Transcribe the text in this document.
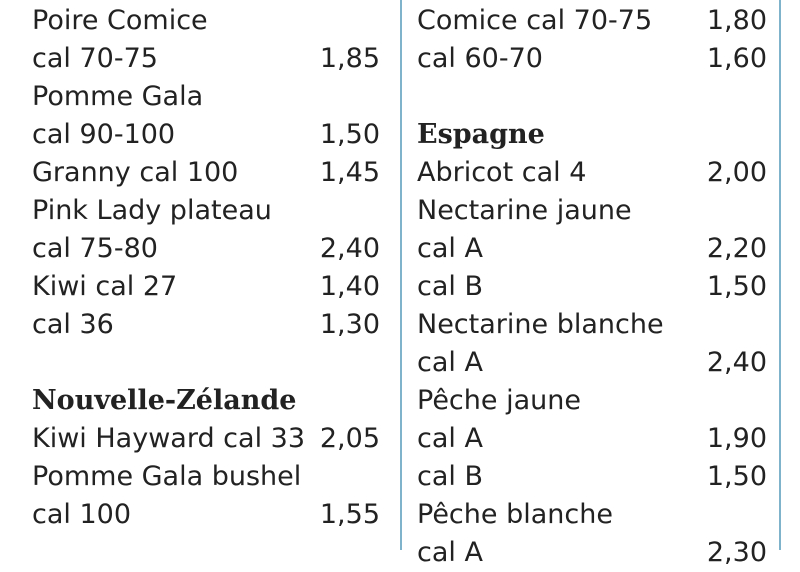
Poire Comice
cal 70-75	1,85
Pomme Gala
cal 90-100	1,50
Granny cal 100	1,45
Pink Lady plateau
cal 75-80	2,40
Kiwi cal 27	1,40
cal 36	1,30
Nouvelle-Zélande
Kiwi Hayward cal 33 2,05
Pomme Gala bushel
cal 100	1,55
Comice cal 70-75 1,80
cal 60-70	1,60
Espagne
Abricot cal 4	2,00
Nectarine jaune
cal A	2,20
cal B	1,50
Nectarine blanche
cal A	2,40
Pêche jaune
cal A	1,90
cal B	1,50
Pêche blanche
cal A	2,30
